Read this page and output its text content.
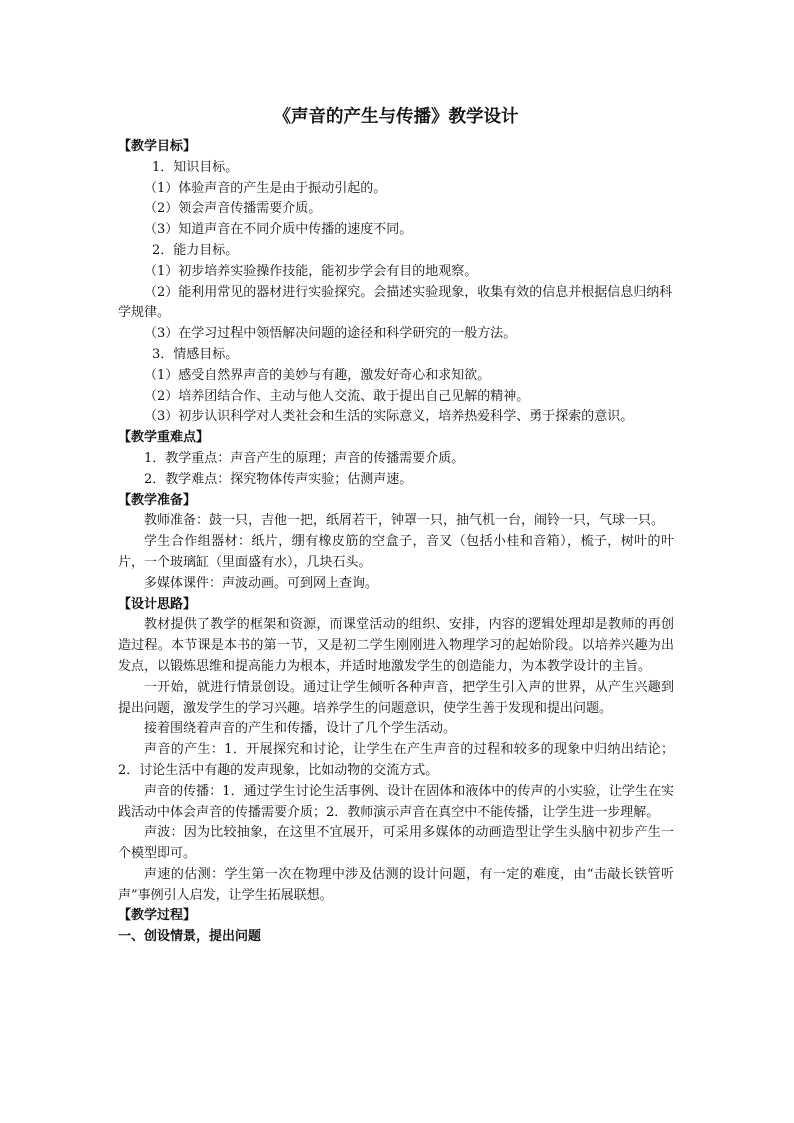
《声音的产生与传播》教学设计
【教学目标】
1．知识目标。
（1）体验声音的产生是由于振动引起的。
（2）领会声音传播需要介质。
（3）知道声音在不同介质中传播的速度不同。
2．能力目标。
（1）初步培养实验操作技能，能初步学会有目的地观察。
（2）能利用常见的器材进行实验探究。会描述实验现象，收集有效的信息并根据信息归纳科学规律。
（3）在学习过程中领悟解决问题的途径和科学研究的一般方法。
3．情感目标。
（1）感受自然界声音的美妙与有趣，激发好奇心和求知欲。
（2）培养团结合作、主动与他人交流、敢于提出自己见解的精神。
（3）初步认识科学对人类社会和生活的实际意义，培养热爱科学、勇于探索的意识。
【教学重难点】
1．教学重点：声音产生的原理；声音的传播需要介质。
2．教学难点：探究物体传声实验；估测声速。
【教学准备】
教师准备：鼓一只，吉他一把，纸屑若干，钟罩一只，抽气机一台，闹铃一只，气球一只。
学生合作组器材：纸片，绷有橡皮筋的空盒子，音叉（包括小桂和音箱），梳子，树叶的叶片，一个玻璃缸（里面盛有水），几块石头。
多媒体课件：声波动画。可到网上查询。
【设计思路】
教材提供了教学的框架和资源，而课堂活动的组织、安排，内容的逻辑处理却是教师的再创造过程。本节课是本书的第一节，又是初二学生刚刚进入物理学习的起始阶段。以培养兴趣为出发点，以锻炼思维和提高能力为根本，并适时地激发学生的创造能力，为本教学设计的主旨。
一开始，就进行情景创设。通过让学生倾听各种声音，把学生引入声的世界，从产生兴趣到提出问题，激发学生的学习兴趣。培养学生的问题意识，使学生善于发现和提出问题。
接着围绕着声音的产生和传播，设计了几个学生活动。
声音的产生：1．开展探究和讨论，让学生在产生声音的过程和较多的现象中归纳出结论；2．讨论生活中有趣的发声现象，比如动物的交流方式。
声音的传播：1．通过学生讨论生活事例、设计在固体和液体中的传声的小实验，让学生在实践活动中体会声音的传播需要介质；2．教师演示声音在真空中不能传播，让学生进一步理解。
声波：因为比较抽象，在这里不宜展开，可采用多媒体的动画造型让学生头脑中初步产生一个模型即可。
声速的估测：学生第一次在物理中涉及估测的设计问题，有一定的难度，由“击敲长铁管听声”事例引人启发，让学生拓展联想。
【教学过程】
一、创设情景，提出问题
